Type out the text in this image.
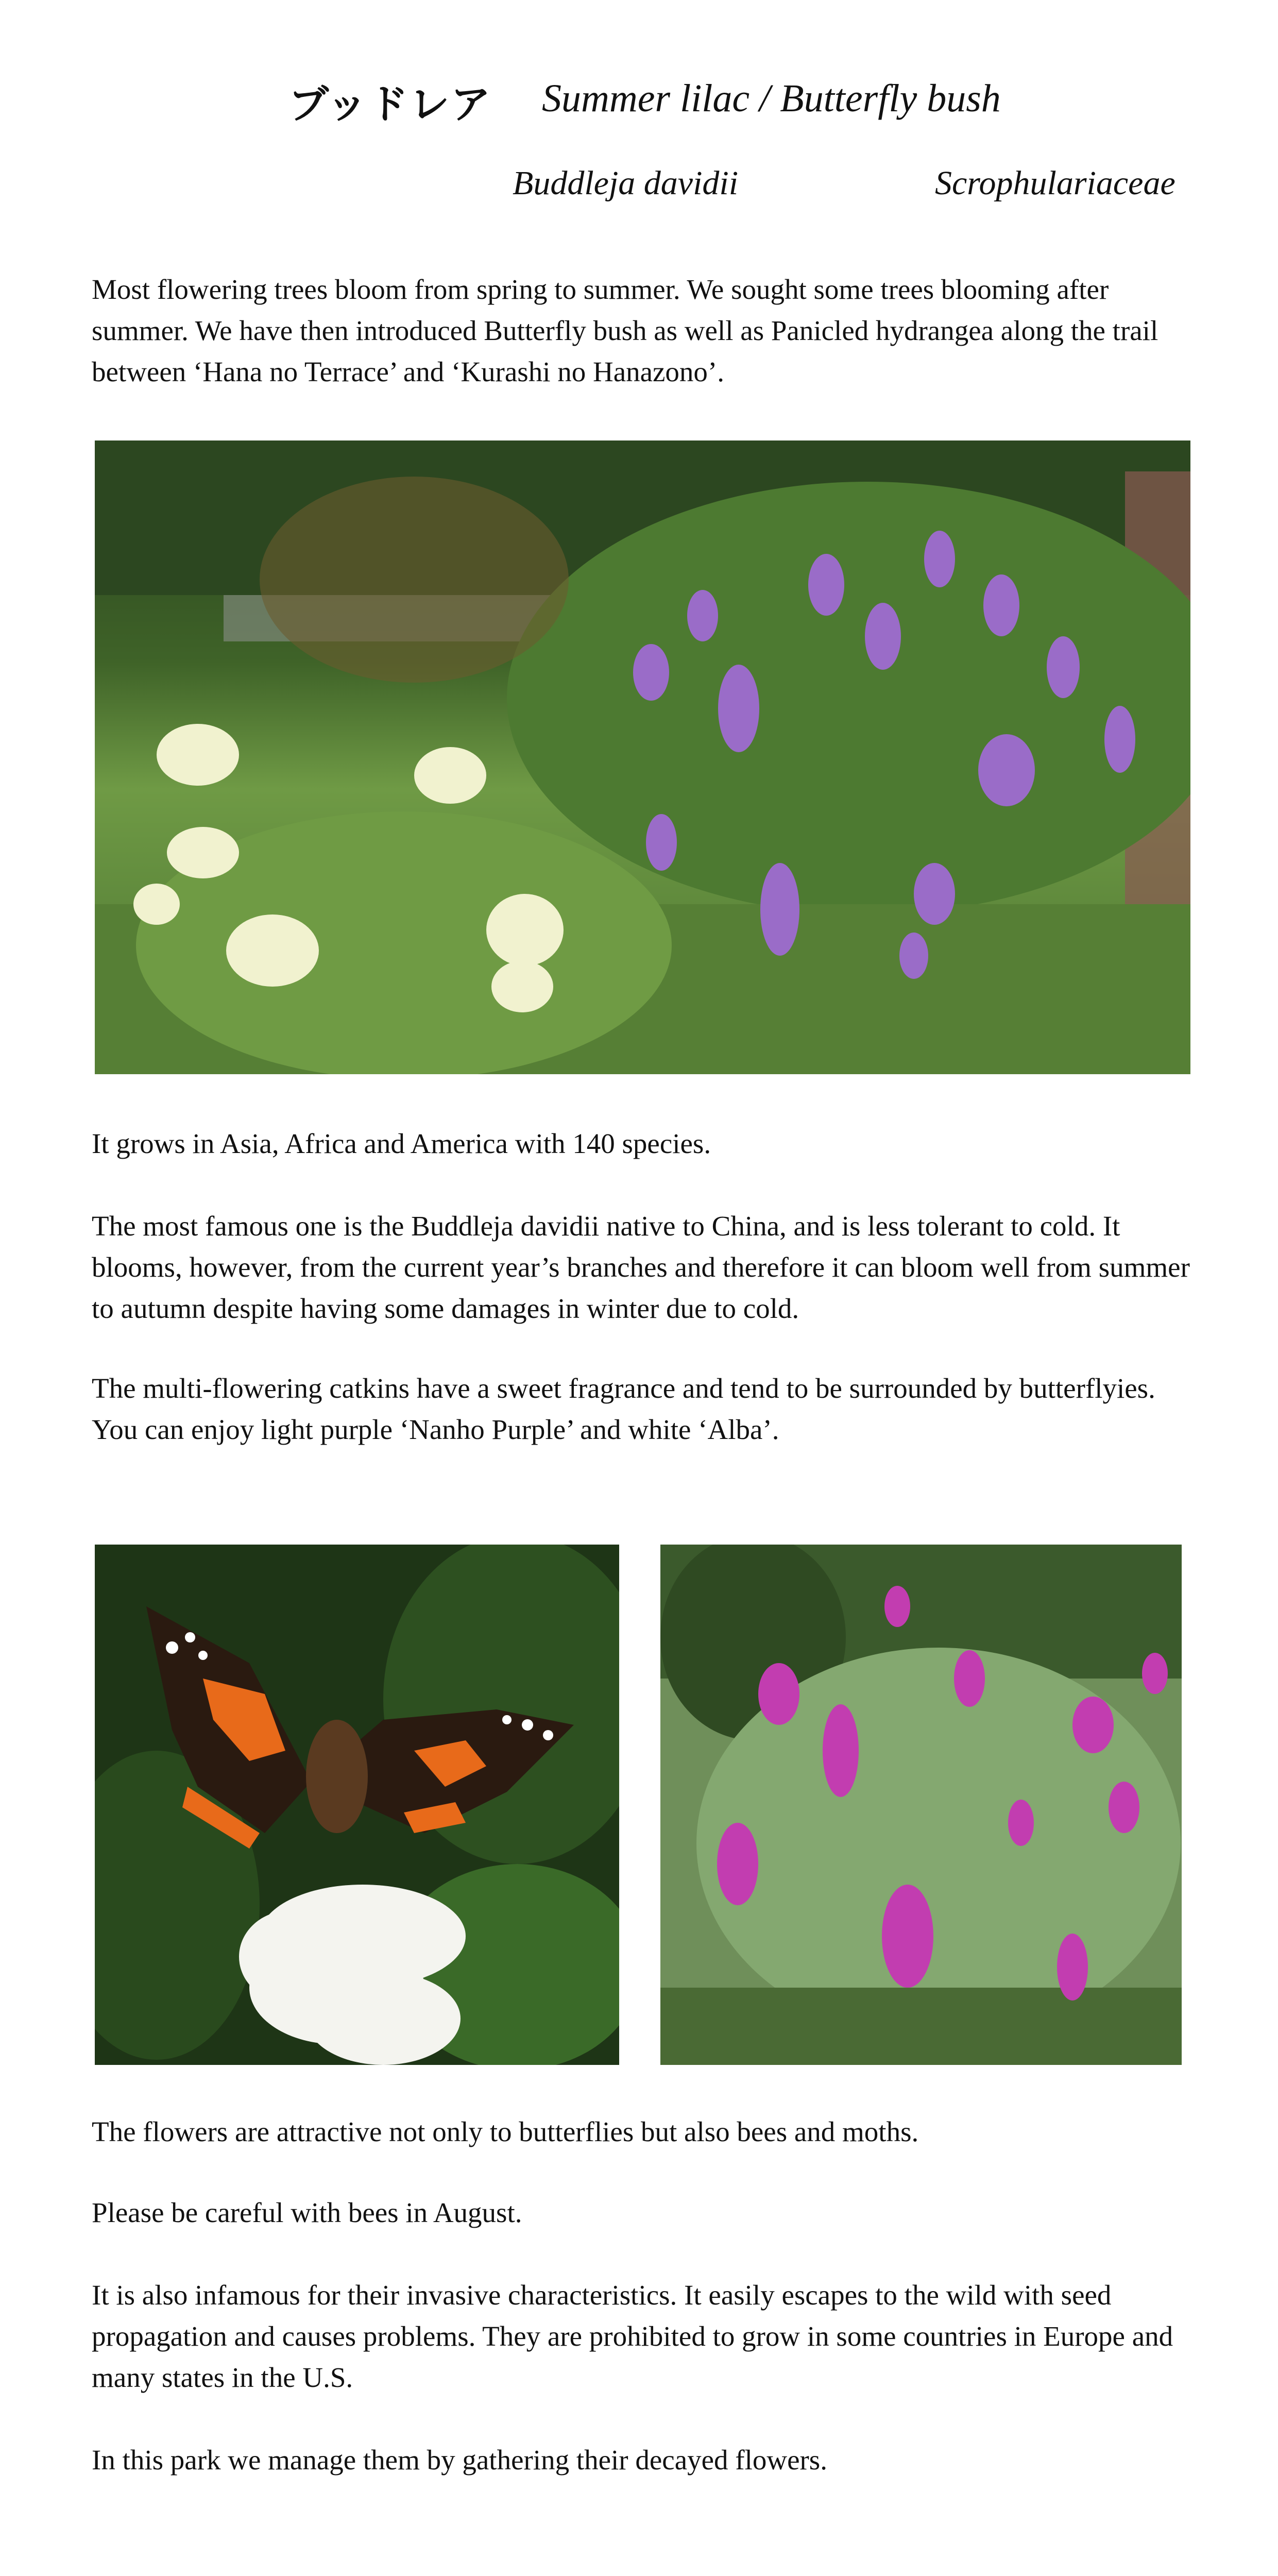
ブッドレア Summer lilac / Butterfly bush
Buddleja davidii	Scrophulariaceae
Most flowering trees bloom from spring to summer. We sought some trees blooming after summer. We have then introduced Butterfly bush as well as Panicled hydrangea along the trail between ‘Hana no Terrace’ and ‘Kurashi no Hanazono’.
It grows in Asia, Africa and America with 140 species.
The most famous one is the Buddleja davidii native to China, and is less tolerant to cold. It blooms, however, from the current year’s branches and therefore it can bloom well from summer to autumn despite having some damages in winter due to cold.
The multi-flowering catkins have a sweet fragrance and tend to be surrounded by butterflyies.
You can enjoy light purple ‘Nanho Purple’ and white ‘Alba’.
The flowers are attractive not only to butterflies but also bees and moths.
Please be careful with bees in August.
It is also infamous for their invasive characteristics. It easily escapes to the wild with seed propagation and causes problems. They are prohibited to grow in some countries in Europe and many states in the U.S.
In this park we manage them by gathering their decayed flowers.
